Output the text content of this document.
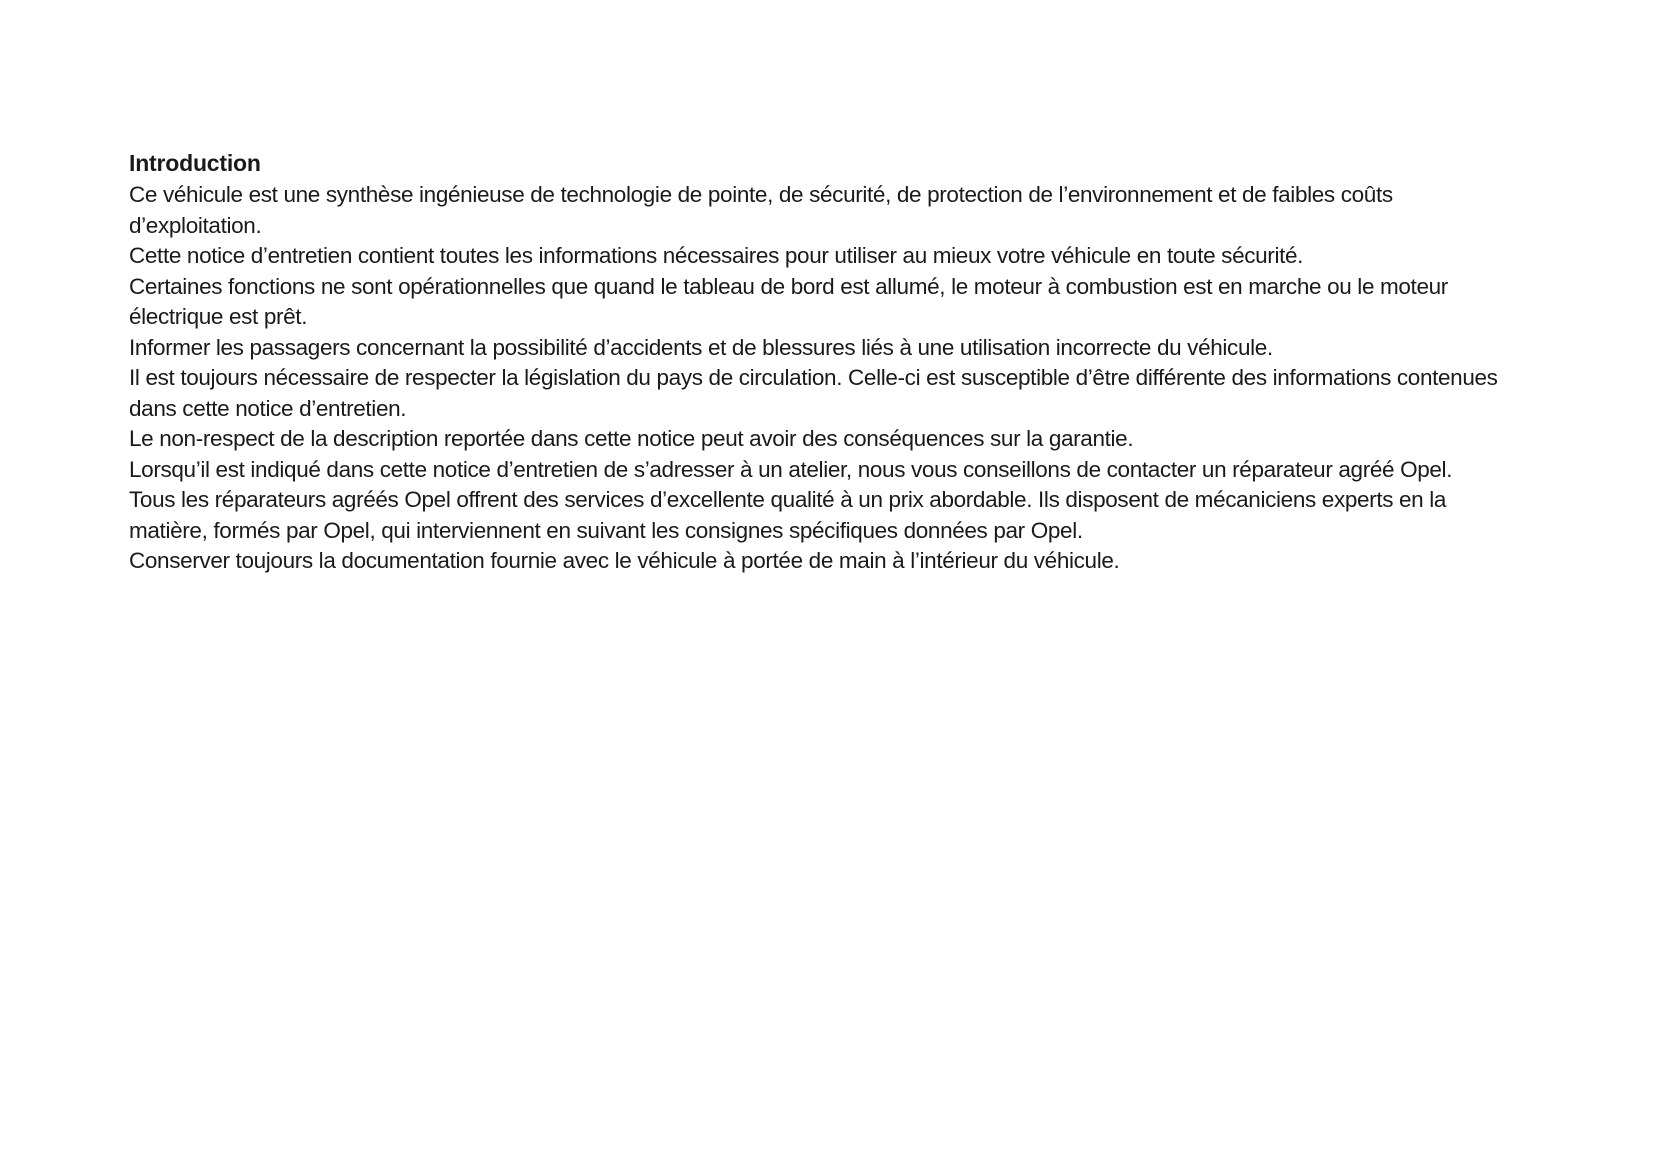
Introduction

Ce véhicule est une synthèse ingénieuse de technologie de pointe, de sécurité, de protection de l’environnement et de faibles coûts d’exploitation.

Cette notice d’entretien contient toutes les informations nécessaires pour utiliser au mieux votre véhicule en toute sécurité.

Certaines fonctions ne sont opérationnelles que quand le tableau de bord est allumé, le moteur à combustion est en marche ou le moteur électrique est prêt.

Informer les passagers concernant la possibilité d’accidents et de blessures liés à une utilisation incorrecte du véhicule.

Il est toujours nécessaire de respecter la législation du pays de circulation. Celle-ci est susceptible d’être différente des informations contenues dans cette notice d’entretien.

Le non-respect de la description reportée dans cette notice peut avoir des conséquences sur la garantie.

Lorsqu’il est indiqué dans cette notice d’entretien de s’adresser à un atelier, nous vous conseillons de contacter un réparateur agréé Opel.

Tous les réparateurs agréés Opel offrent des services d’excellente qualité à un prix abordable. Ils disposent de mécaniciens experts en la matière, formés par Opel, qui interviennent en suivant les consignes spécifiques données par Opel.

Conserver toujours la documentation fournie avec le véhicule à portée de main à l’intérieur du véhicule.
